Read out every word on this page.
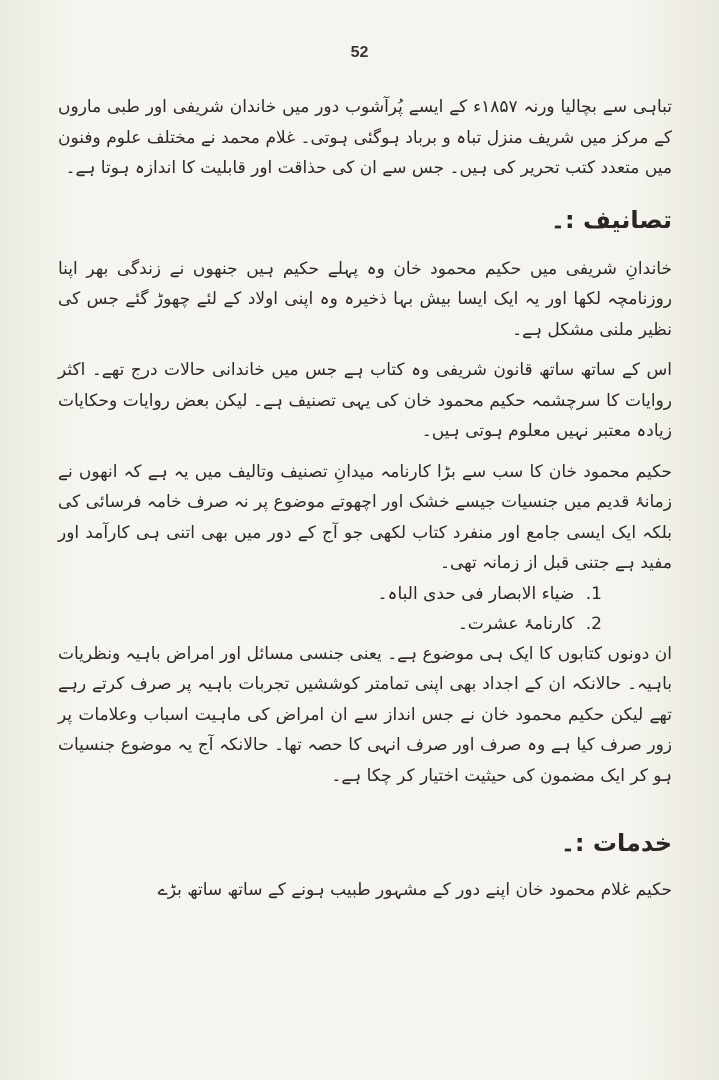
52

تباہی سے بچالیا ورنہ ۱۸۵۷ء کے ایسے پُرآشوب دور میں خاندان شریفی اور طبی ماروں کے مرکز میں شریف منزل تباہ و برباد ہوگئی ہوتی۔ غلام محمد نے مختلف علوم وفنون میں متعدد کتب تحریر کی ہیں۔ جس سے ان کی حذاقت اور قابلیت کا اندازہ ہوتا ہے۔

تصانیف :۔

خاندانِ شریفی میں حکیم محمود خان وہ پہلے حکیم ہیں جنھوں نے زندگی بھر اپنا روزنامچہ لکھا اور یہ ایک ایسا بیش بہا ذخیرہ وہ اپنی اولاد کے لئے چھوڑ گئے جس کی نظیر ملنی مشکل ہے۔

اس کے ساتھ ساتھ قانون شریفی وہ کتاب ہے جس میں خاندانی حالات درج تھے۔ اکثر روایات کا سرچشمہ حکیم محمود خان کی یہی تصنیف ہے۔ لیکن بعض روایات وحکایات زیادہ معتبر نہیں معلوم ہوتی ہیں۔

حکیم محمود خان کا سب سے بڑا کارنامہ میدانِ تصنیف وتالیف میں یہ ہے کہ انھوں نے زمانۂ قدیم میں جنسیات جیسے خشک اور اچھوتے موضوع پر نہ صرف خامہ فرسائی کی بلکہ ایک ایسی جامع اور منفرد کتاب لکھی جو آج کے دور میں بھی اتنی ہی کارآمد اور مفید ہے جتنی قبل از زمانہ تھی۔

1. ضیاء الابصار فی حدی الباہ۔

2. کارنامۂ عشرت۔

ان دونوں کتابوں کا ایک ہی موضوع ہے۔ یعنی جنسی مسائل اور امراض باہیہ ونظریات باہیہ۔ حالانکہ ان کے اجداد بھی اپنی تمامتر کوششیں تجربات باہیہ پر صرف کرتے رہے تھے لیکن حکیم محمود خان نے جس انداز سے ان امراض کی ماہیت اسباب وعلامات پر زور صرف کیا ہے وہ صرف اور صرف انہی کا حصہ تھا۔ حالانکہ آج یہ موضوع جنسیات ہو کر ایک مضمون کی حیثیت اختیار کر چکا ہے۔

خدمات :۔

حکیم غلام محمود خان اپنے دور کے مشہور طبیب ہونے کے ساتھ ساتھ بڑے
